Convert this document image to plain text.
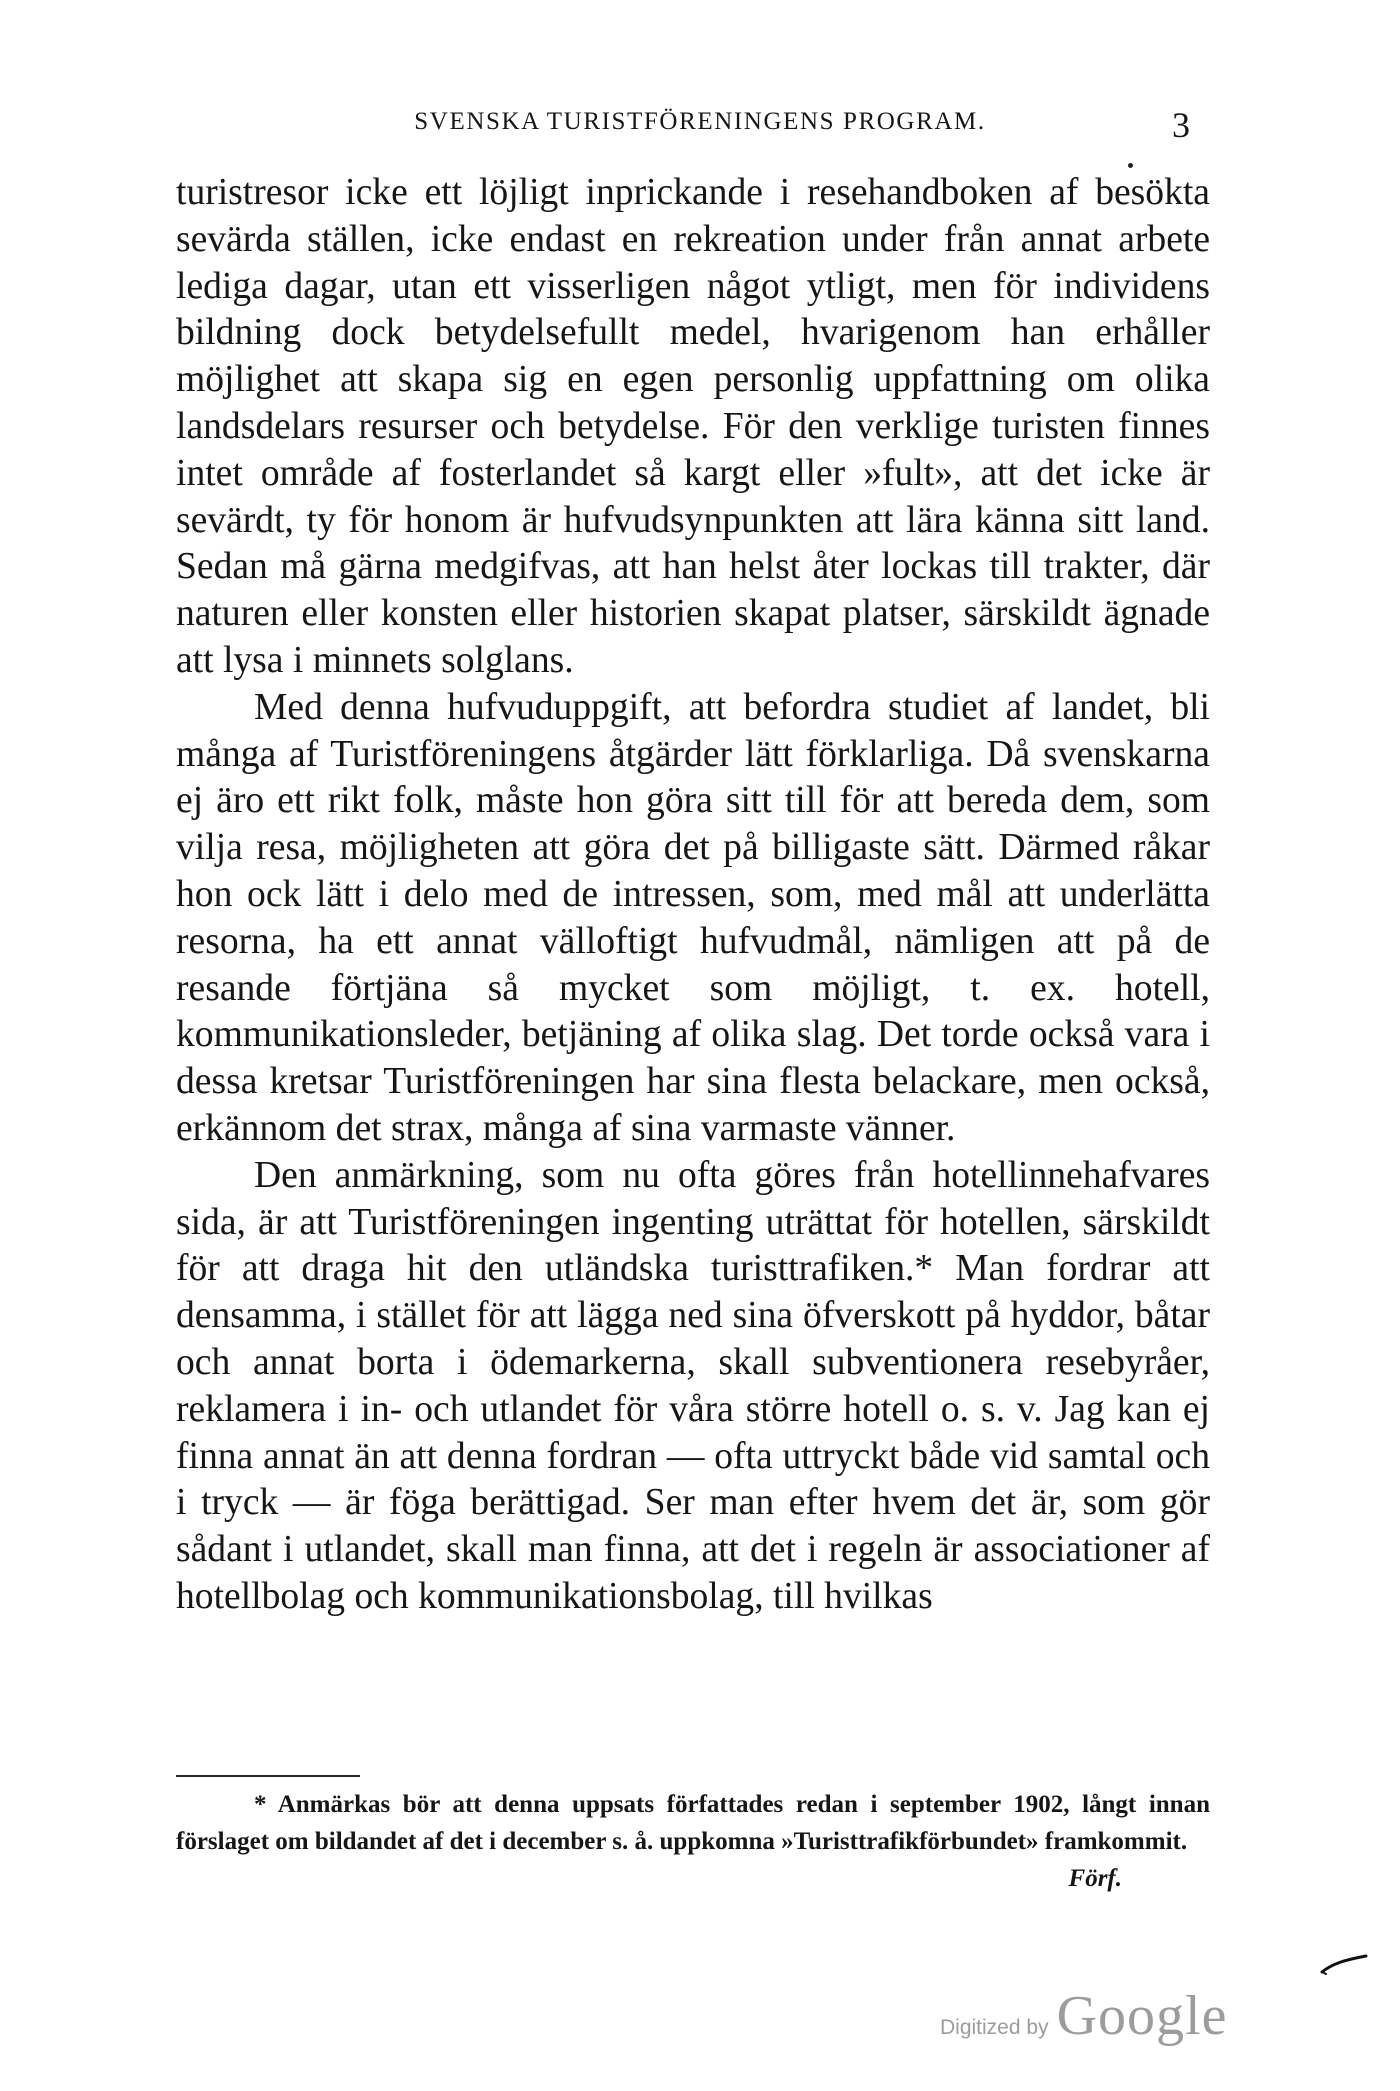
SVENSKA TURISTFÖRENINGENS PROGRAM.	3

turistresor icke ett löjligt inprickande i resehandboken af besökta sevärda ställen, icke endast en rekreation under från annat arbete lediga dagar, utan ett visserligen något ytligt, men för individens bildning dock betydelsefullt medel, hvarigenom han erhåller möjlighet att skapa sig en egen personlig uppfattning om olika landsdelars resurser och betydelse. För den verklige turisten finnes intet område af fosterlandet så kargt eller »fult», att det icke är sevärdt, ty för honom är hufvudsynpunkten att lära känna sitt land. Sedan må gärna medgifvas, att han helst åter lockas till trakter, där naturen eller konsten eller historien skapat platser, särskildt ägnade att lysa i minnets solglans.

Med denna hufvuduppgift, att befordra studiet af landet, bli många af Turistföreningens åtgärder lätt förklarliga. Då svenskarna ej äro ett rikt folk, måste hon göra sitt till för att bereda dem, som vilja resa, möjligheten att göra det på billigaste sätt. Därmed råkar hon ock lätt i delo med de intressen, som, med mål att underlätta resorna, ha ett annat välloftigt hufvudmål, nämligen att på de resande förtjäna så mycket som möjligt, t. ex. hotell, kommunikationsleder, betjäning af olika slag. Det torde också vara i dessa kretsar Turistföreningen har sina flesta belackare, men också, erkännom det strax, många af sina varmaste vänner.

Den anmärkning, som nu ofta göres från hotellinnehafvares sida, är att Turistföreningen ingenting uträttat för hotellen, särskildt för att draga hit den utländska turisttrafiken.* Man fordrar att densamma, i stället för att lägga ned sina öfverskott på hyddor, båtar och annat borta i ödemarkerna, skall subventionera resebyråer, reklamera i in- och utlandet för våra större hotell o. s. v. Jag kan ej finna annat än att denna fordran — ofta uttryckt både vid samtal och i tryck — är föga berättigad. Ser man efter hvem det är, som gör sådant i utlandet, skall man finna, att det i regeln är associationer af hotellbolag och kommunikationsbolag, till hvilkas

* Anmärkas bör att denna uppsats författades redan i september 1902, långt innan förslaget om bildandet af det i december s. å. uppkomna »Turisttrafikförbundet» framkommit.
Förf.

Digitized by Google
